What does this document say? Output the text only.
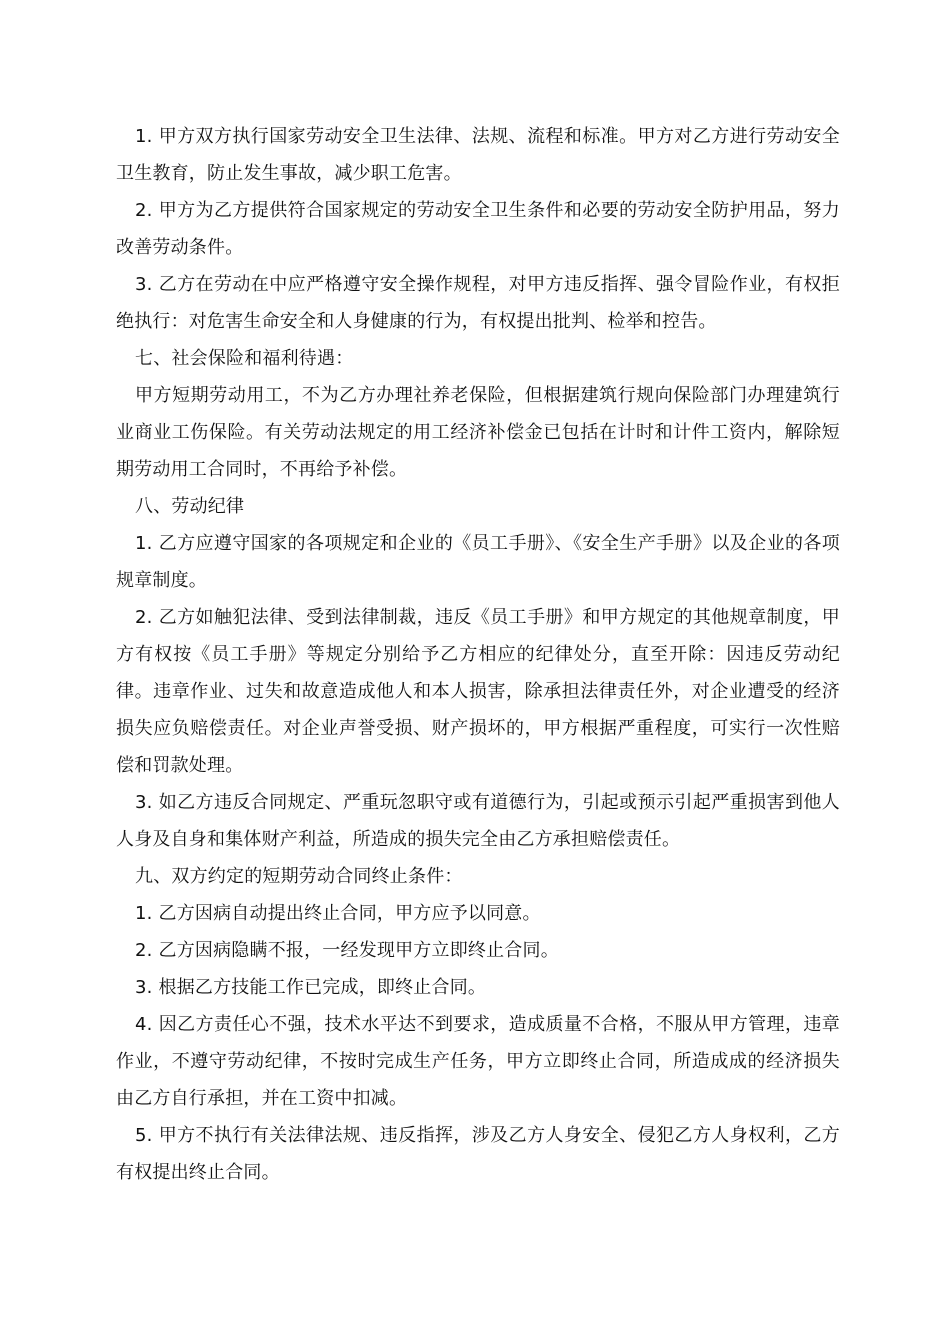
1. 甲方双方执行国家劳动安全卫生法律、法规、流程和标准。甲方对乙方进行劳动安全卫生教育，防止发生事故，减少职工危害。

2. 甲方为乙方提供符合国家规定的劳动安全卫生条件和必要的劳动安全防护用品，努力改善劳动条件。

3. 乙方在劳动在中应严格遵守安全操作规程，对甲方违反指挥、强令冒险作业，有权拒绝执行：对危害生命安全和人身健康的行为，有权提出批判、检举和控告。

七、社会保险和福利待遇：

甲方短期劳动用工，不为乙方办理社养老保险，但根据建筑行规向保险部门办理建筑行业商业工伤保险。有关劳动法规定的用工经济补偿金已包括在计时和计件工资内，解除短期劳动用工合同时，不再给予补偿。

八、劳动纪律

1. 乙方应遵守国家的各项规定和企业的《员工手册》、《安全生产手册》以及企业的各项规章制度。

2. 乙方如触犯法律、受到法律制裁，违反《员工手册》和甲方规定的其他规章制度，甲方有权按《员工手册》等规定分别给予乙方相应的纪律处分，直至开除：因违反劳动纪律。违章作业、过失和故意造成他人和本人损害，除承担法律责任外，对企业遭受的经济损失应负赔偿责任。对企业声誉受损、财产损坏的，甲方根据严重程度，可实行一次性赔偿和罚款处理。

3. 如乙方违反合同规定、严重玩忽职守或有道德行为，引起或预示引起严重损害到他人人身及自身和集体财产利益，所造成的损失完全由乙方承担赔偿责任。

九、双方约定的短期劳动合同终止条件：

1. 乙方因病自动提出终止合同，甲方应予以同意。

2. 乙方因病隐瞒不报，一经发现甲方立即终止合同。

3. 根据乙方技能工作已完成，即终止合同。

4. 因乙方责任心不强，技术水平达不到要求，造成质量不合格，不服从甲方管理，违章作业，不遵守劳动纪律，不按时完成生产任务，甲方立即终止合同，所造成成的经济损失由乙方自行承担，并在工资中扣减。

5. 甲方不执行有关法律法规、违反指挥，涉及乙方人身安全、侵犯乙方人身权利，乙方有权提出终止合同。
